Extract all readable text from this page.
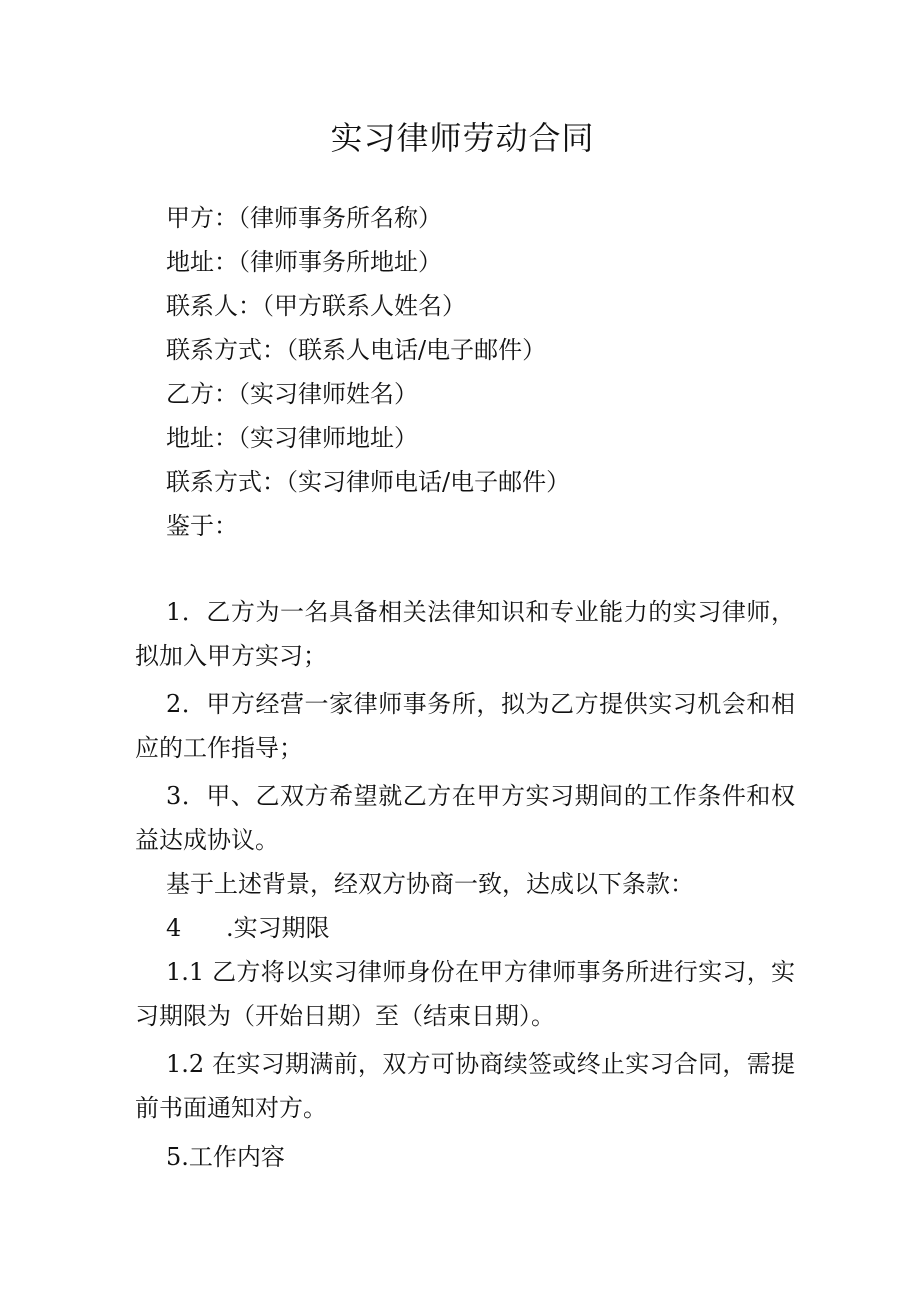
实习律师劳动合同
甲方：（律师事务所名称）
地址：（律师事务所地址）
联系人：（甲方联系人姓名）
联系方式：（联系人电话/电子邮件）
乙方：（实习律师姓名）
地址：（实习律师地址）
联系方式：（实习律师电话/电子邮件）
鉴于：

1．乙方为一名具备相关法律知识和专业能力的实习律师，拟加入甲方实习；

2．甲方经营一家律师事务所，拟为乙方提供实习机会和相应的工作指导；

3．甲、乙双方希望就乙方在甲方实习期间的工作条件和权益达成协议。

基于上述背景，经双方协商一致，达成以下条款：

4 .实习期限

1.1 乙方将以实习律师身份在甲方律师事务所进行实习，实习期限为（开始日期）至（结束日期）。

1.2 在实习期满前，双方可协商续签或终止实习合同，需提前书面通知对方。

5.工作内容
